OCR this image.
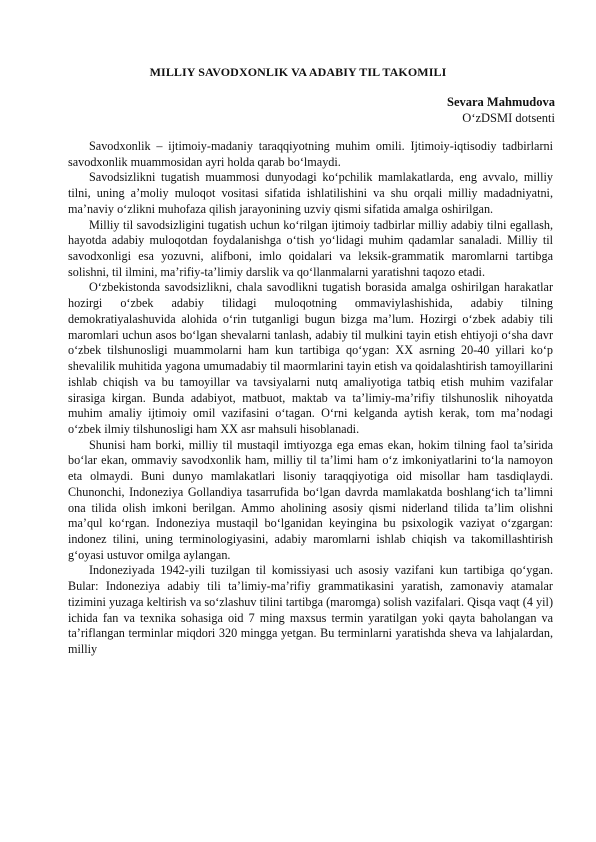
MILLIY SAVODXONLIK VA ADABIY TIL TAKOMILI
Sevara Mahmudova
O‘zDSMI dotsenti

Savodxonlik – ijtimoiy-madaniy taraqqiyotning muhim omili. Ijtimoiy-iqtisodiy tadbirlarni savodxonlik muammosidan ayri holda qarab bo‘lmaydi.

Savodsizlikni tugatish muammosi dunyodagi ko‘pchilik mamlakatlarda, eng avvalo, milliy tilni, uning a’moliy muloqot vositasi sifatida ishlatilishini va shu orqali milliy madadniyatni, ma’naviy o‘zlikni muhofaza qilish jarayonining uzviy qismi sifatida amalga oshirilgan.

Milliy til savodsizligini tugatish uchun ko‘rilgan ijtimoiy tadbirlar milliy adabiy tilni egallash, hayotda adabiy muloqotdan foydalanishga o‘tish yo‘lidagi muhim qadamlar sanaladi. Milliy til savodxonligi esa yozuvni, alifboni, imlo qoidalari va leksik-grammatik maromlarni tartibga solishni, til ilmini, ma’rifiy-ta’limiy darslik va qo‘llanmalarni yaratishni taqozo etadi.

O‘zbekistonda savodsizlikni, chala savodlikni tugatish borasida amalga oshirilgan harakatlar hozirgi o‘zbek adabiy tilidagi muloqotning ommaviylashishida, adabiy tilning demokratiyalashuvida alohida o‘rin tutganligi bugun bizga ma’lum. Hozirgi o‘zbek adabiy tili maromlari uchun asos bo‘lgan shevalarni tanlash, adabiy til mulkini tayin etish ehtiyoji o‘sha davr o‘zbek tilshunosligi muammolarni ham kun tartibiga qo‘ygan: XX asrning 20-40 yillari ko‘p shevalilik muhitida yagona umumadabiy til maormlarini tayin etish va qoidalashtirish tamoyillarini ishlab chiqish va bu tamoyillar va tavsiyalarni nutq amaliyotiga tatbiq etish muhim vazifalar sirasiga kirgan. Bunda adabiyot, matbuot, maktab va ta’limiy-ma’rifiy tilshunoslik nihoyatda muhim amaliy ijtimoiy omil vazifasini o‘tagan. O‘rni kelganda aytish kerak, tom ma’nodagi o‘zbek ilmiy tilshunosligi ham XX asr mahsuli hisoblanadi.

Shunisi ham borki, milliy til mustaqil imtiyozga ega emas ekan, hokim tilning faol ta’sirida bo‘lar ekan, ommaviy savodxonlik ham, milliy til ta’limi ham o‘z imkoniyatlarini to‘la namoyon eta olmaydi. Buni dunyo mamlakatlari lisoniy taraqqiyotiga oid misollar ham tasdiqlaydi. Chunonchi, Indoneziya Gollandiya tasarrufida bo‘lgan davrda mamlakatda boshlang‘ich ta’limni ona tilida olish imkoni berilgan. Ammo aholining asosiy qismi niderland tilida ta’lim olishni ma’qul ko‘rgan. Indoneziya mustaqil bo‘lganidan keyingina bu psixologik vaziyat o‘zgargan: indonez tilini, uning terminologiyasini, adabiy maromlarni ishlab chiqish va takomillashtirish g‘oyasi ustuvor omilga aylangan.

Indoneziyada 1942-yili tuzilgan til komissiyasi uch asosiy vazifani kun tartibiga qo‘ygan. Bular: Indoneziya adabiy tili ta’limiy-ma’rifiy grammatikasini yaratish, zamonaviy atamalar tizimini yuzaga keltirish va so‘zlashuv tilini tartibga (maromga) solish vazifalari. Qisqa vaqt (4 yil) ichida fan va texnika sohasiga oid 7 ming maxsus termin yaratilgan yoki qayta baholangan va ta’riflangan terminlar miqdori 320 mingga yetgan. Bu terminlarni yaratishda sheva va lahjalardan, milliy
